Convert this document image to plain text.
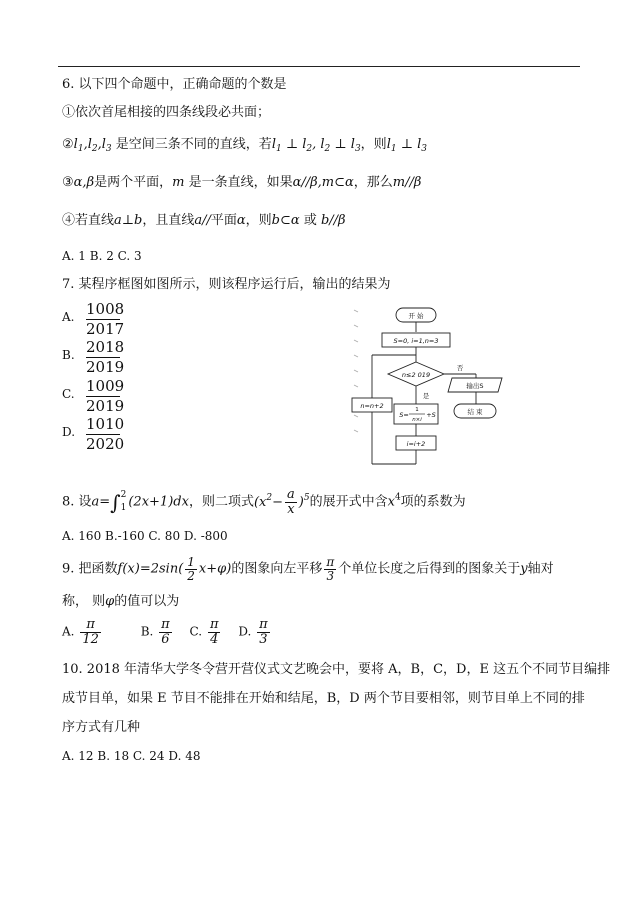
6. 以下四个命题中，正确命题的个数是
①依次首尾相接的四条线段必共面；
$②l_1,l_2,l_3$ 是空间三条不同的直线，若$l_1$ ⊥ $l_2$, $l_2$ ⊥ $l_3$，则$l_1$ ⊥ $l_3$
③α,β是两个平面，m 是一条直线，如果α//β,m⊂α，那么m//β
④若直线a⊥b，且直线a//平面α，则b⊂α 或 b//β
A. 1 B. 2 C. 3
7. 某程序框图如图所示，则该程序运行后，输出的结果为
A. $\frac{1008}{2017}$
B. $\frac{2018}{2019}$
C. $\frac{1009}{2019}$
D. $\frac{1010}{2020}$
开 始
S=0, i=1,n=3
n≤2 019
否
是
输出S
结 束
S=
1
n×i
+S
n=n+2
i=i+2
8. 设a=∫ 2
1 (2x+1)dx，则二项式$(x^2- \frac{a}{x} )^5$的展开式中含$x^4$项的系数为
A. 160 B.-160 C. 80 D. -800
9. 把函数$f(x)=2\sin( \frac{1}{2} x+\varphi)$的图象向左平移 $\frac{\pi}{3}$ 个单位长度之后得到的图象关于y轴对
称， 则φ的值可以为
A. $\frac{\pi}{12}$	B. $\frac{\pi}{6} C$. $\frac{\pi}{4} D$. $\frac{\pi}{3}$
10. 2018 年清华大学冬令营开营仪式文艺晚会中，要将 A，B，C，D，E 这五个不同节目编排
成节目单，如果 E 节目不能排在开始和结尾，B，D 两个节目要相邻，则节目单上不同的排
序方式有几种
A. 12 B. 18 C. 24 D. 48
